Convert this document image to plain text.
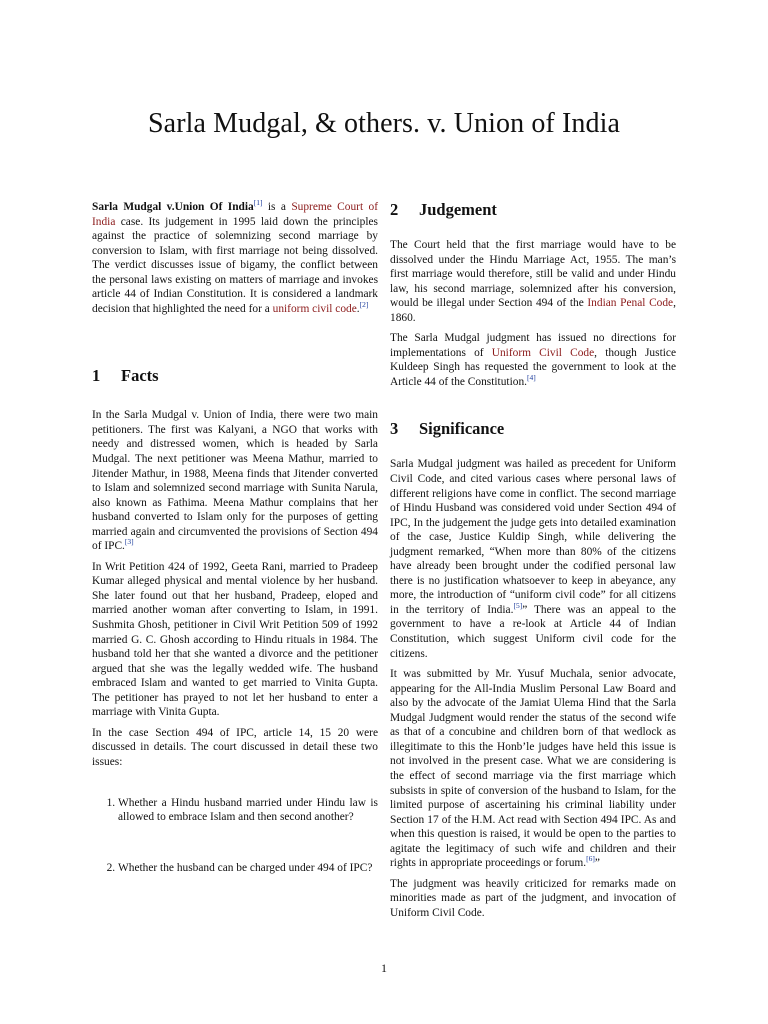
Sarla Mudgal, & others. v. Union of India

Sarla Mudgal v.Union Of India[1] is a Supreme Court of India case. Its judgement in 1995 laid down the principles against the practice of solemnizing second marriage by conversion to Islam, with first marriage not being dissolved. The verdict discusses issue of bigamy, the conflict between the personal laws existing on matters of marriage and invokes article 44 of Indian Constitution. It is considered a landmark decision that highlighted the need for a uniform civil code.[2]

1 Facts

In the Sarla Mudgal v. Union of India, there were two main petitioners. The first was Kalyani, a NGO that works with needy and distressed women, which is headed by Sarla Mudgal. The next petitioner was Meena Mathur, married to Jitender Mathur, in 1988, Meena finds that Jitender converted to Islam and solemnized second marriage with Sunita Narula, also known as Fathima. Meena Mathur complains that her husband converted to Islam only for the purposes of getting married again and circumvented the provisions of Section 494 of IPC.[3]

In Writ Petition 424 of 1992, Geeta Rani, married to Pradeep Kumar alleged physical and mental violence by her husband. She later found out that her husband, Pradeep, eloped and married another woman after converting to Islam, in 1991. Sushmita Ghosh, petitioner in Civil Writ Petition 509 of 1992 married G. C. Ghosh according to Hindu rituals in 1984. The husband told her that she wanted a divorce and the petitioner argued that she was the legally wedded wife. The husband embraced Islam and wanted to get married to Vinita Gupta. The petitioner has prayed to not let her husband to enter a marriage with Vinita Gupta.

In the case Section 494 of IPC, article 14, 15 20 were discussed in details. The court discussed in detail these two issues:

1. Whether a Hindu husband married under Hindu law is allowed to embrace Islam and then second another?
2. Whether the husband can be charged under 494 of IPC?
2 Judgement

The Court held that the first marriage would have to be dissolved under the Hindu Marriage Act, 1955. The man’s first marriage would therefore, still be valid and under Hindu law, his second marriage, solemnized after his conversion, would be illegal under Section 494 of the Indian Penal Code, 1860.

The Sarla Mudgal judgment has issued no directions for implementations of Uniform Civil Code, though Justice Kuldeep Singh has requested the government to look at the Article 44 of the Constitution.[4]

3 Significance

Sarla Mudgal judgment was hailed as precedent for Uniform Civil Code, and cited various cases where personal laws of different religions have come in conflict. The second marriage of Hindu Husband was considered void under Section 494 of IPC, In the judgement the judge gets into detailed examination of the case, Justice Kuldip Singh, while delivering the judgment remarked, “When more than 80% of the citizens have already been brought under the codified personal law there is no justification whatsoever to keep in abeyance, any more, the introduction of “uniform civil code” for all citizens in the territory of India.[5]” There was an appeal to the government to have a re-look at Article 44 of Indian Constitution, which suggest Uniform civil code for the citizens.

It was submitted by Mr. Yusuf Muchala, senior advocate, appearing for the All-India Muslim Personal Law Board and also by the advocate of the Jamiat Ulema Hind that the Sarla Mudgal Judgment would render the status of the second wife as that of a concubine and children born of that wedlock as illegitimate to this the Honb’le judges have held this issue is not involved in the present case. What we are considering is the effect of second marriage via the first marriage which subsists in spite of conversion of the husband to Islam, for the limited purpose of ascertaining his criminal liability under Section 17 of the H.M. Act read with Section 494 IPC. As and when this question is raised, it would be open to the parties to agitate the legitimacy of such wife and children and their rights in appropriate proceedings or forum.[6]”

The judgment was heavily criticized for remarks made on minorities made as part of the judgment, and invocation of Uniform Civil Code.

1
